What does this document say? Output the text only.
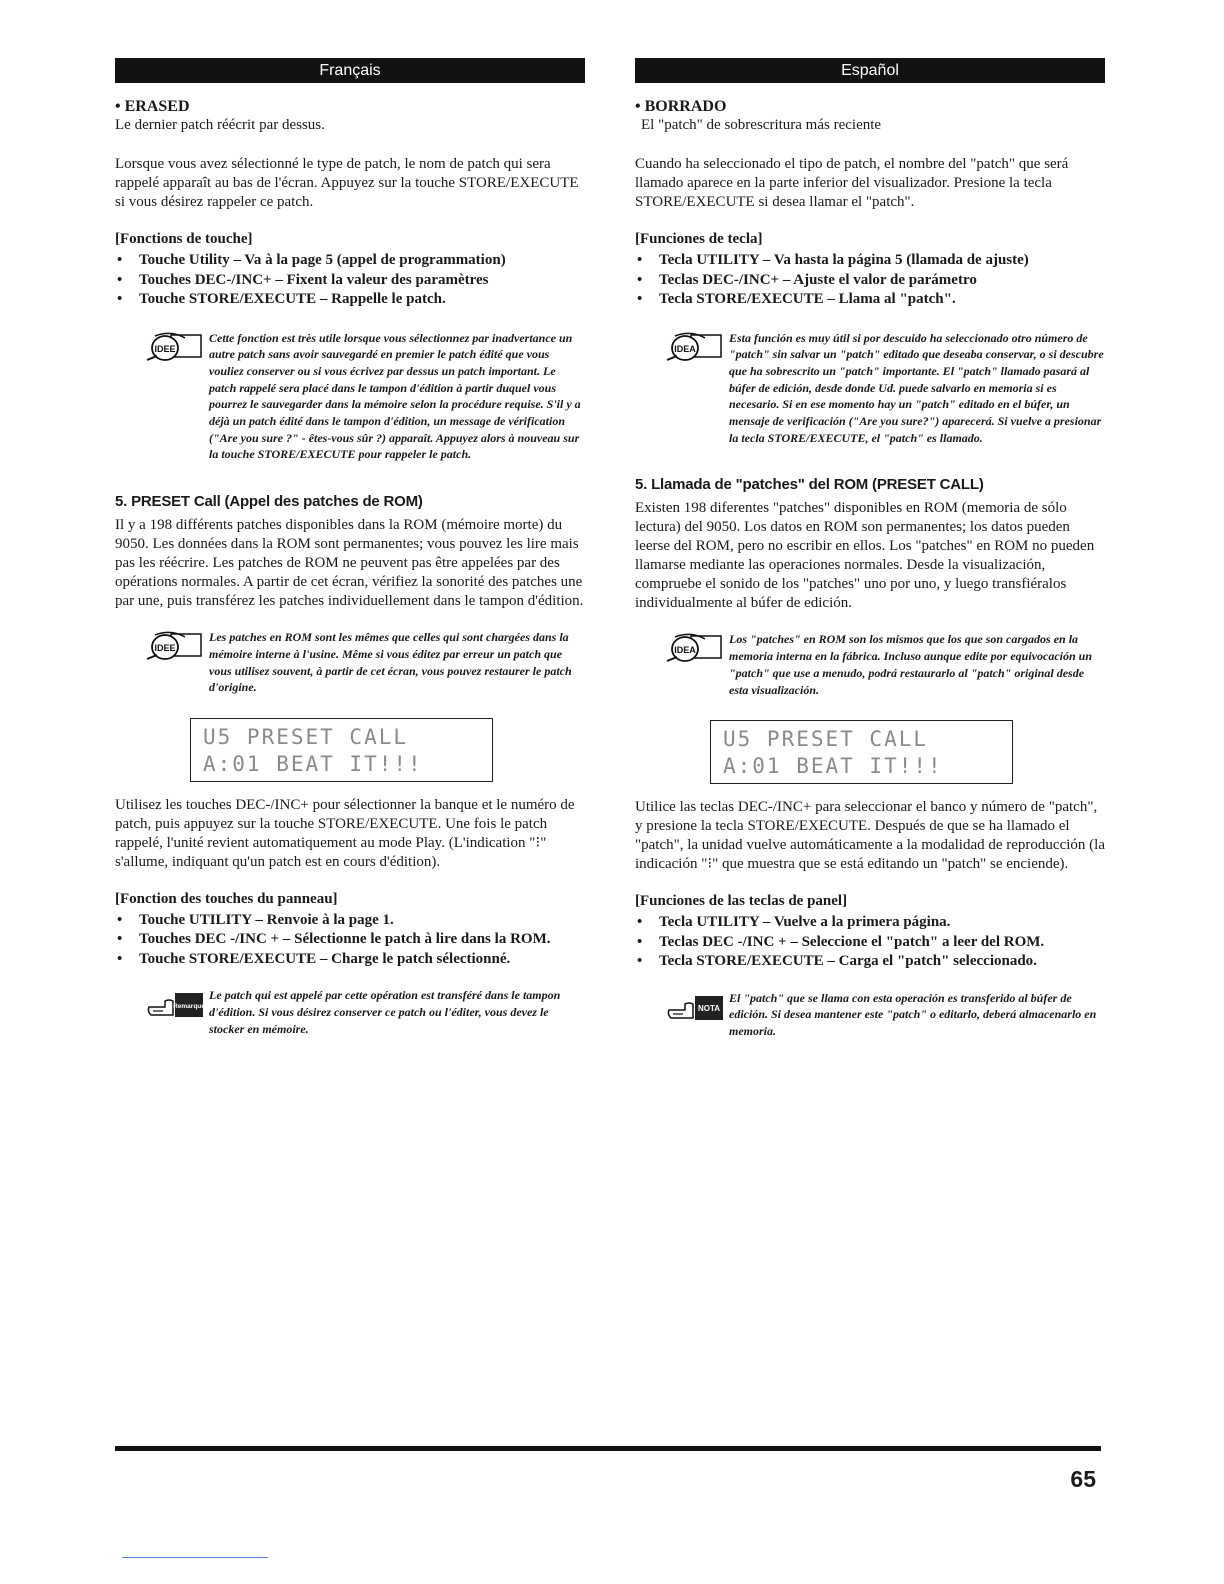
Français
• ERASED

Le dernier patch réécrit par dessus.

Lorsque vous avez sélectionné le type de patch, le nom de patch qui sera rappelé apparaît au bas de l'écran. Appuyez sur la touche STORE/EXECUTE si vous désirez rappeler ce patch.

[Fonctions de touche]
• Touche Utility – Va à la page 5 (appel de programmation)
• Touches DEC-/INC+ – Fixent la valeur des paramètres
• Touche STORE/EXECUTE – Rappelle le patch.
IDEE
Cette fonction est très utile lorsque vous sélectionnez par inadvertance un autre patch sans avoir sauvegardé en premier le patch édité que vous vouliez conserver ou si vous écrivez par dessus un patch important. Le patch rappelé sera placé dans le tampon d'édition à partir duquel vous pourrez le sauvegarder dans la mémoire selon la procédure requise. S'il y a déjà un patch édité dans le tampon d'édition, un message de vérification ("Are you sure ?" - êtes-vous sûr ?) apparaît. Appuyez alors à nouveau sur la touche STORE/EXECUTE pour rappeler le patch.
5. PRESET Call (Appel des patches de ROM)

Il y a 198 différents patches disponibles dans la ROM (mémoire morte) du 9050. Les données dans la ROM sont permanentes; vous pouvez les lire mais pas les réécrire. Les patches de ROM ne peuvent pas être appelées par des opérations normales. A partir de cet écran, vérifiez la sonorité des patches une par une, puis transférez les patches individuellement dans le tampon d'édition.

IDEE
Les patches en ROM sont les mêmes que celles qui sont chargées dans la mémoire interne à l'usine. Même si vous éditez par erreur un patch que vous utilisez souvent, à partir de cet écran, vous pouvez restaurer le patch d'origine.
U5 PRESET CALL
A:01 BEAT IT!!!

Utilisez les touches DEC-/INC+ pour sélectionner la banque et le numéro de patch, puis appuyez sur la touche STORE/EXECUTE. Une fois le patch rappelé, l'unité revient automatiquement au mode Play. (L'indication "⁝" s'allume, indiquant qu'un patch est en cours d'édition).

[Fonction des touches du panneau]
• Touche UTILITY – Renvoie à la page 1.
• Touches DEC -/INC + – Sélectionne le patch à lire dans la ROM.
• Touche STORE/EXECUTE – Charge le patch sélectionné.
Remarque
Le patch qui est appelé par cette opération est transféré dans le tampon d'édition. Si vous désirez conserver ce patch ou l'éditer, vous devez le stocker en mémoire.
Español
• BORRADO

El "patch" de sobrescritura más reciente

Cuando ha seleccionado el tipo de patch, el nombre del "patch" que será llamado aparece en la parte inferior del visualizador. Presione la tecla STORE/EXECUTE si desea llamar el "patch".

[Funciones de tecla]
• Tecla UTILITY – Va hasta la página 5 (llamada de ajuste)
• Teclas DEC-/INC+ – Ajuste el valor de parámetro
• Tecla STORE/EXECUTE – Llama al "patch".
IDEA
Esta función es muy útil si por descuido ha seleccionado otro número de "patch" sin salvar un "patch" editado que deseaba conservar, o si descubre que ha sobrescrito un "patch" importante. El "patch" llamado pasará al búfer de edición, desde donde Ud. puede salvarlo en memoria si es necesario. Si en ese momento hay un "patch" editado en el búfer, un mensaje de verificación ("Are you sure?") aparecerá. Si vuelve a presionar la tecla STORE/EXECUTE, el "patch" es llamado.
5. Llamada de "patches" del ROM (PRESET CALL)

Existen 198 diferentes "patches" disponibles en ROM (memoria de sólo lectura) del 9050. Los datos en ROM son permanentes; los datos pueden leerse del ROM, pero no escribir en ellos. Los "patches" en ROM no pueden llamarse mediante las operaciones normales. Desde la visualización, compruebe el sonido de los "patches" uno por uno, y luego transfiéralos individualmente al búfer de edición.

IDEA
Los "patches" en ROM son los mismos que los que son cargados en la memoria interna en la fábrica. Incluso aunque edite por equivocación un "patch" que use a menudo, podrá restaurarlo al "patch" original desde esta visualización.
U5 PRESET CALL
A:01 BEAT IT!!!

Utilice las teclas DEC-/INC+ para seleccionar el banco y número de "patch", y presione la tecla STORE/EXECUTE. Después de que se ha llamado el "patch", la unidad vuelve automáticamente a la modalidad de reproducción (la indicación "⁝" que muestra que se está editando un "patch" se enciende).

[Funciones de las teclas de panel]
• Tecla UTILITY – Vuelve a la primera página.
• Teclas DEC -/INC + – Seleccione el "patch" a leer del ROM.
• Tecla STORE/EXECUTE – Carga el "patch" seleccionado.
NOTA
El "patch" que se llama con esta operación es transferido al búfer de edición. Si desea mantener este "patch" o editarlo, deberá almacenarlo en memoria.
65
